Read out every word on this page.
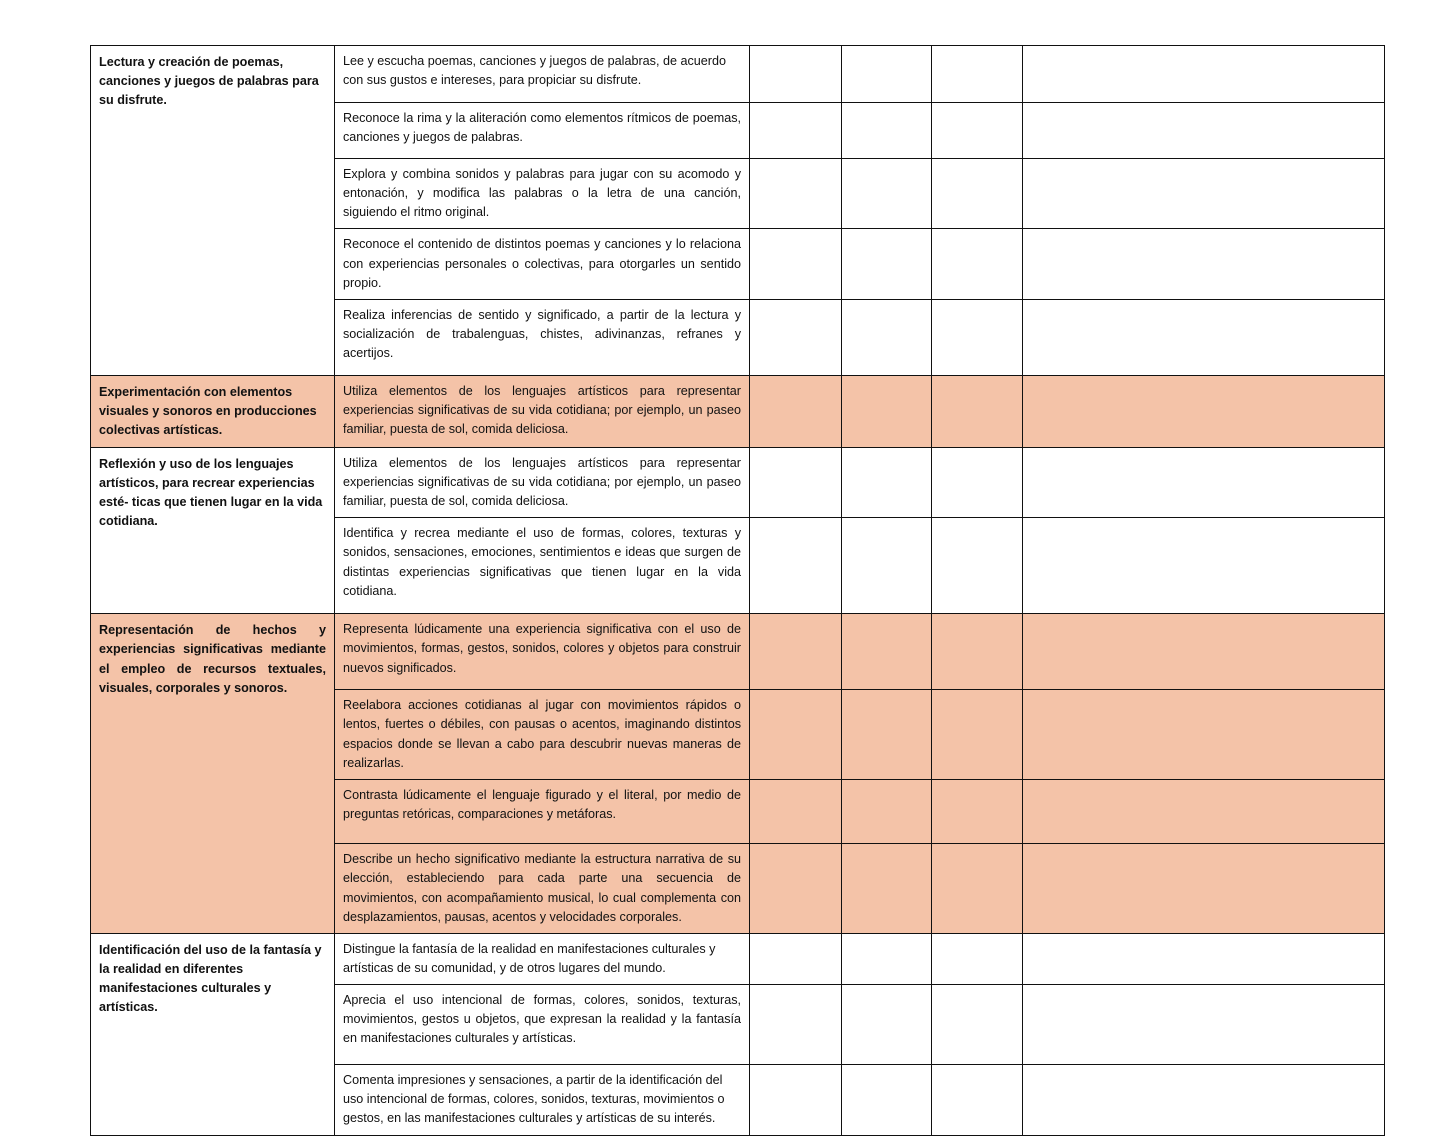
Lectura y creación de poemas, canciones y juegos de palabras para su disfrute.	Lee y escucha poemas, canciones y juegos de palabras, de acuerdo con sus gustos e intereses, para propiciar su disfrute.				
	Reconoce la rima y la aliteración como elementos rítmicos de poemas, canciones y juegos de palabras.				
	Explora y combina sonidos y palabras para jugar con su acomodo y entonación, y modifica las palabras o la letra de una canción, siguiendo el ritmo original.				
	Reconoce el contenido de distintos poemas y canciones y lo relaciona con experiencias personales o colectivas, para otorgarles un sentido propio.				
	Realiza inferencias de sentido y significado, a partir de la lectura y socialización de trabalenguas, chistes, adivinanzas, refranes y acertijos.				
Experimentación con elementos visuales y sonoros en producciones colectivas artísticas.	Utiliza elementos de los lenguajes artísticos para representar experiencias significativas de su vida cotidiana; por ejemplo, un paseo familiar, puesta de sol, comida deliciosa.				
Reflexión y uso de los lenguajes artísticos, para recrear experiencias esté- ticas que tienen lugar en la vida cotidiana.	Utiliza elementos de los lenguajes artísticos para representar experiencias significativas de su vida cotidiana; por ejemplo, un paseo familiar, puesta de sol, comida deliciosa.				
	Identifica y recrea mediante el uso de formas, colores, texturas y sonidos, sensaciones, emociones, sentimientos e ideas que surgen de distintas experiencias significativas que tienen lugar en la vida cotidiana.				
Representación de hechos y experiencias significativas mediante el empleo de recursos textuales, visuales, corporales y sonoros.	Representa lúdicamente una experiencia significativa con el uso de movimientos, formas, gestos, sonidos, colores y objetos para construir nuevos significados.				
	Reelabora acciones cotidianas al jugar con movimientos rápidos o lentos, fuertes o débiles, con pausas o acentos, imaginando distintos espacios donde se llevan a cabo para descubrir nuevas maneras de realizarlas.				
	Contrasta lúdicamente el lenguaje figurado y el literal, por medio de preguntas retóricas, comparaciones y metáforas.				
	Describe un hecho significativo mediante la estructura narrativa de su elección, estableciendo para cada parte una secuencia de movimientos, con acompañamiento musical, lo cual complementa con desplazamientos, pausas, acentos y velocidades corporales.				
Identificación del uso de la fantasía y la realidad en diferentes manifestaciones culturales y artísticas.	Distingue la fantasía de la realidad en manifestaciones culturales y artísticas de su comunidad, y de otros lugares del mundo.				
	Aprecia el uso intencional de formas, colores, sonidos, texturas, movimientos, gestos u objetos, que expresan la realidad y la fantasía en manifestaciones culturales y artísticas.				
	Comenta impresiones y sensaciones, a partir de la identificación del uso intencional de formas, colores, sonidos, texturas, movimientos o gestos, en las manifestaciones culturales y artísticas de su interés.				
